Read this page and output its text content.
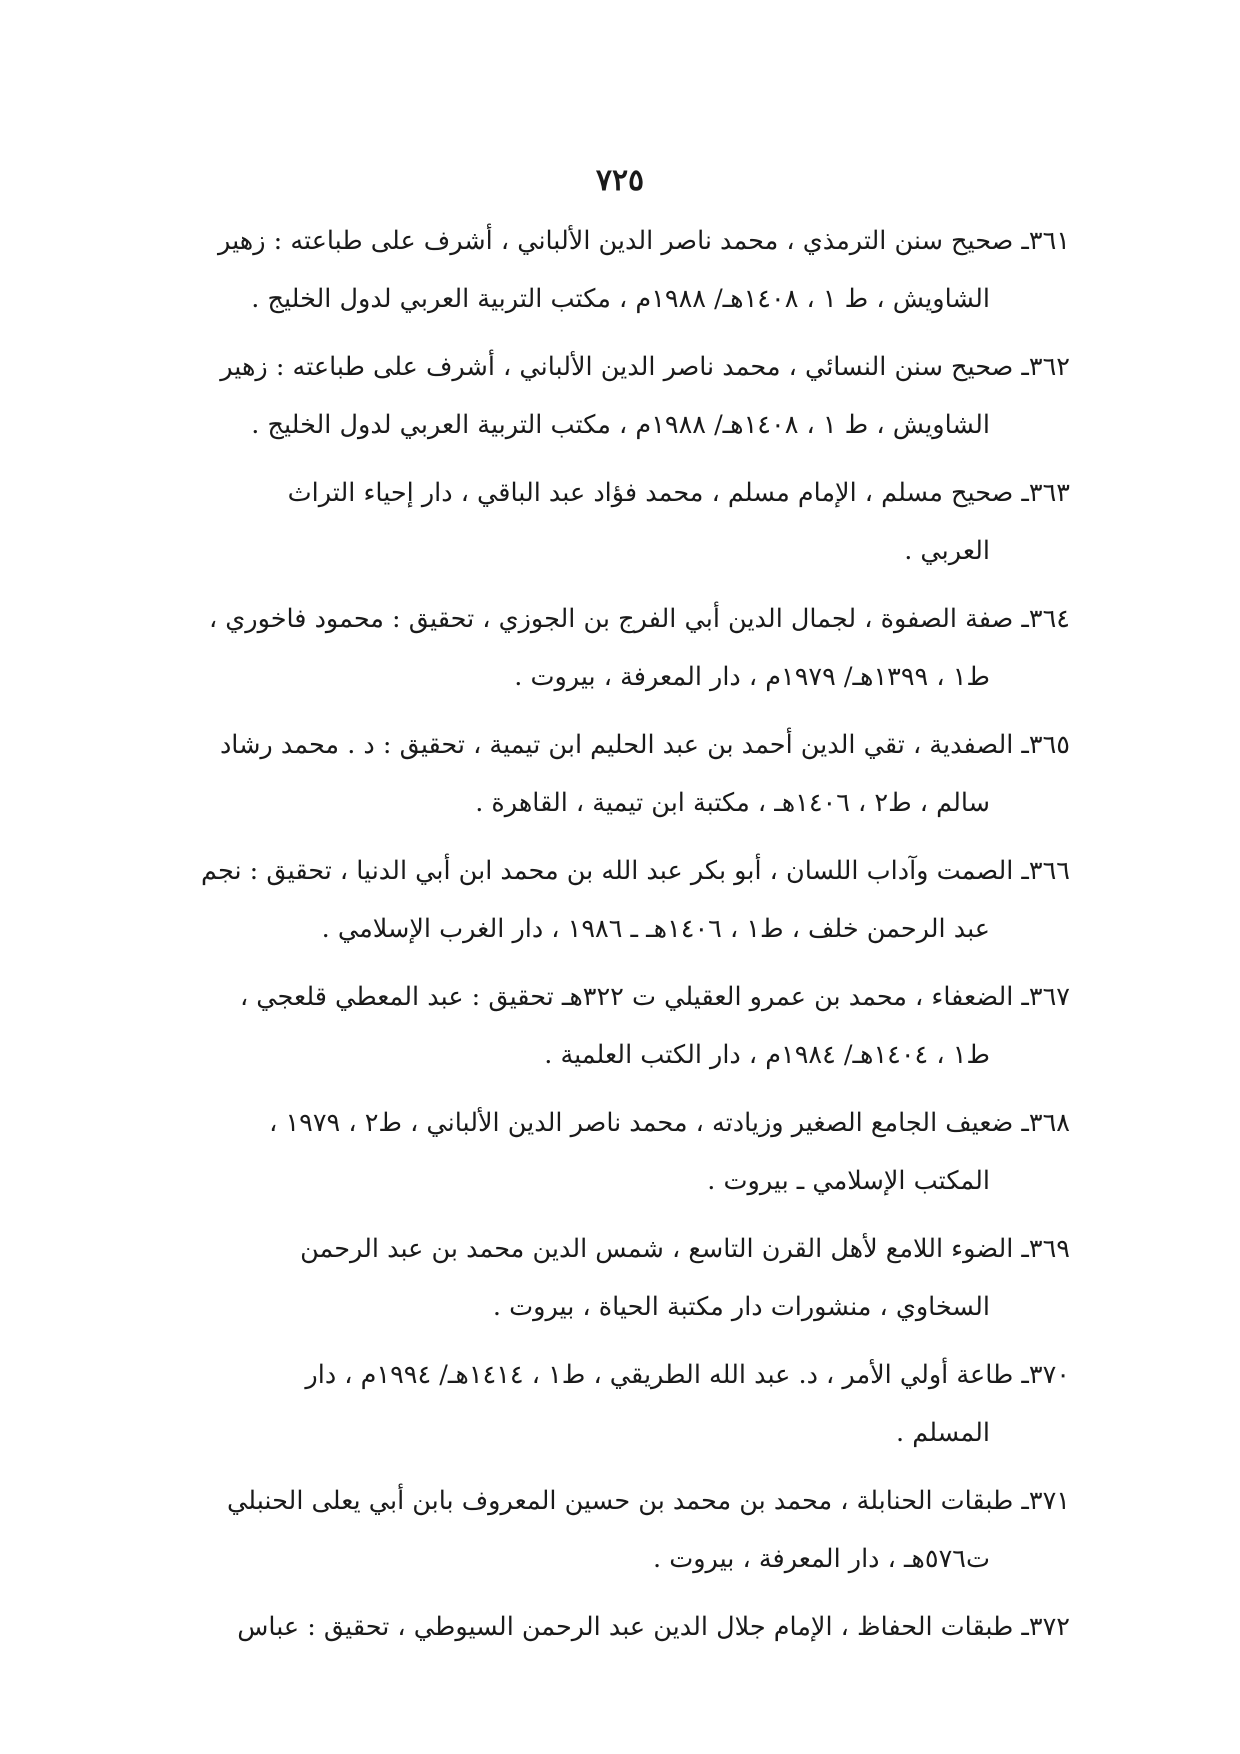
٧٢٥
٣٦١ـ صحيح سنن الترمذي ، محمد ناصر الدين الألباني ، أشرف على طباعته : زهير
الشاويش ، ط ١ ، ١٤٠٨هـ/ ١٩٨٨م ، مكتب التربية العربي لدول الخليج .
٣٦٢ـ صحيح سنن النسائي ، محمد ناصر الدين الألباني ، أشرف على طباعته : زهير
الشاويش ، ط ١ ، ١٤٠٨هـ/ ١٩٨٨م ، مكتب التربية العربي لدول الخليج .
٣٦٣ـ صحيح مسلم ، الإمام مسلم ، محمد فؤاد عبد الباقي ، دار إحياء التراث
العربي .
٣٦٤ـ صفة الصفوة ، لجمال الدين أبي الفرج بن الجوزي ، تحقيق : محمود فاخوري ،
ط١ ، ١٣٩٩هـ/ ١٩٧٩م ، دار المعرفة ، بيروت .
٣٦٥ـ الصفدية ، تقي الدين أحمد بن عبد الحليم ابن تيمية ، تحقيق : د . محمد رشاد
سالم ، ط٢ ، ١٤٠٦هـ ، مكتبة ابن تيمية ، القاهرة .
٣٦٦ـ الصمت وآداب اللسان ، أبو بكر عبد الله بن محمد ابن أبي الدنيا ، تحقيق : نجم
عبد الرحمن خلف ، ط١ ، ١٤٠٦هـ ـ ١٩٨٦ ، دار الغرب الإسلامي .
٣٦٧ـ الضعفاء ، محمد بن عمرو العقيلي ت ٣٢٢هـ تحقيق : عبد المعطي قلعجي ،
ط١ ، ١٤٠٤هـ/ ١٩٨٤م ، دار الكتب العلمية .
٣٦٨ـ ضعيف الجامع الصغير وزيادته ، محمد ناصر الدين الألباني ، ط٢ ، ١٩٧٩ ،
المكتب الإسلامي ـ بيروت .
٣٦٩ـ الضوء اللامع لأهل القرن التاسع ، شمس الدين محمد بن عبد الرحمن
السخاوي ، منشورات دار مكتبة الحياة ، بيروت .
٣٧٠ـ طاعة أولي الأمر ، د. عبد الله الطريقي ، ط١ ، ١٤١٤هـ/ ١٩٩٤م ، دار
المسلم .
٣٧١ـ طبقات الحنابلة ، محمد بن محمد بن حسين المعروف بابن أبي يعلى الحنبلي
ت٥٧٦هـ ، دار المعرفة ، بيروت .
٣٧٢ـ طبقات الحفاظ ، الإمام جلال الدين عبد الرحمن السيوطي ، تحقيق : عباس
